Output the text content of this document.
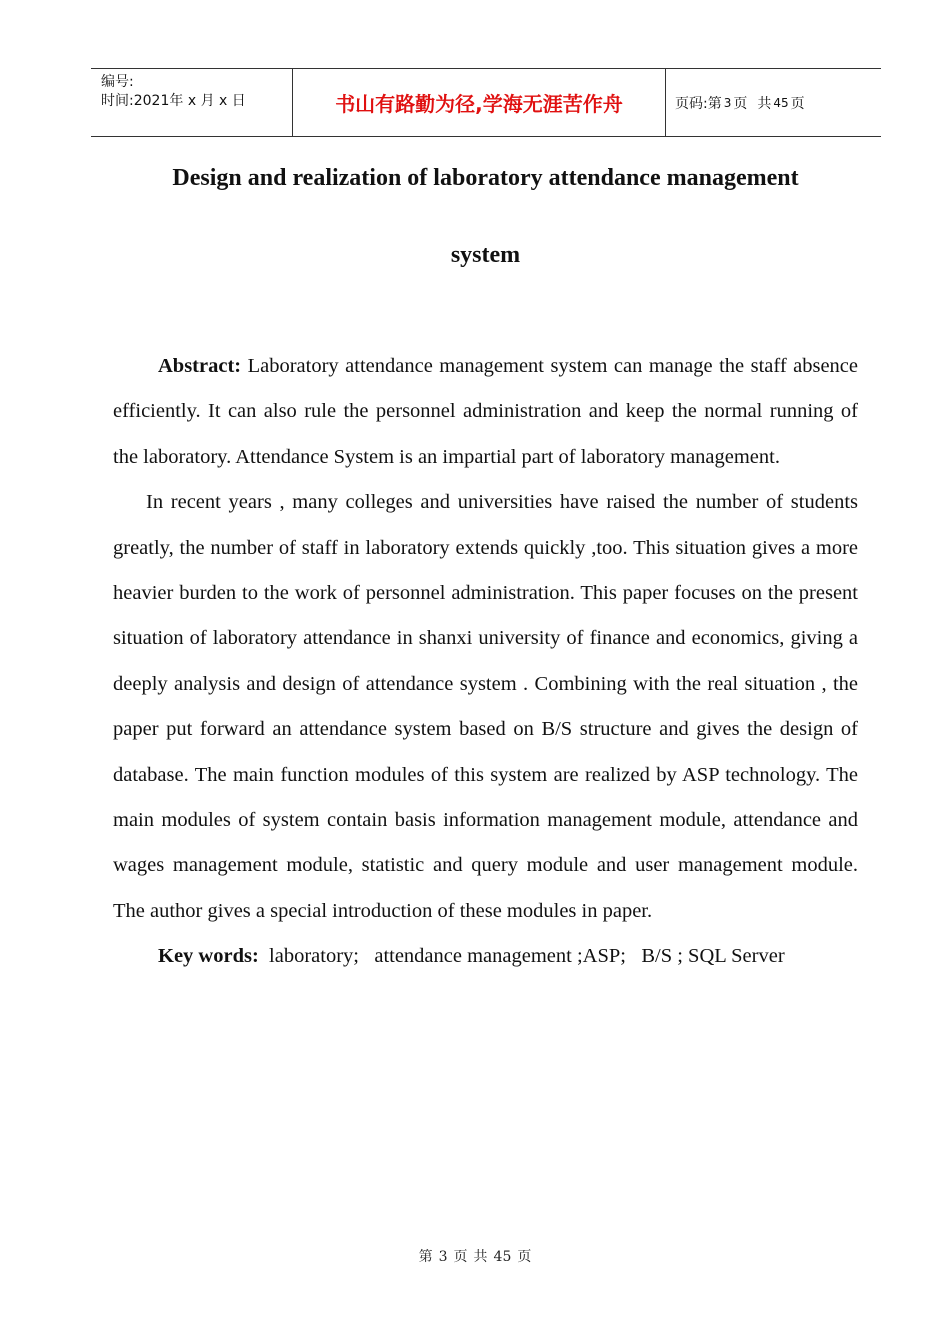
编号:
时间:2021年 x 月 x 日	书山有路勤为径,学海无涯苦作舟	页码: 第 3 页 共 45 页
Design and realization of laboratory attendance management
system

Abstract: Laboratory attendance management system can manage the staff absence efficiently. It can also rule the personnel administration and keep the normal running of the laboratory. Attendance System is an impartial part of laboratory management.

In recent years , many colleges and universities have raised the number of students greatly, the number of staff in laboratory extends quickly ,too. This situation gives a more heavier burden to the work of personnel administration. This paper focuses on the present situation of laboratory attendance in shanxi university of finance and economics, giving a deeply analysis and design of attendance system . Combining with the real situation , the paper put forward an attendance system based on B/S structure and gives the design of database. The main function modules of this system are realized by ASP technology. The main modules of system contain basis information management module, attendance and wages management module, statistic and query module and user management module. The author gives a special introduction of these modules in paper.

Key words:  laboratory;   attendance management ;ASP;   B/S ; SQL Server

第 3 页 共 45 页
